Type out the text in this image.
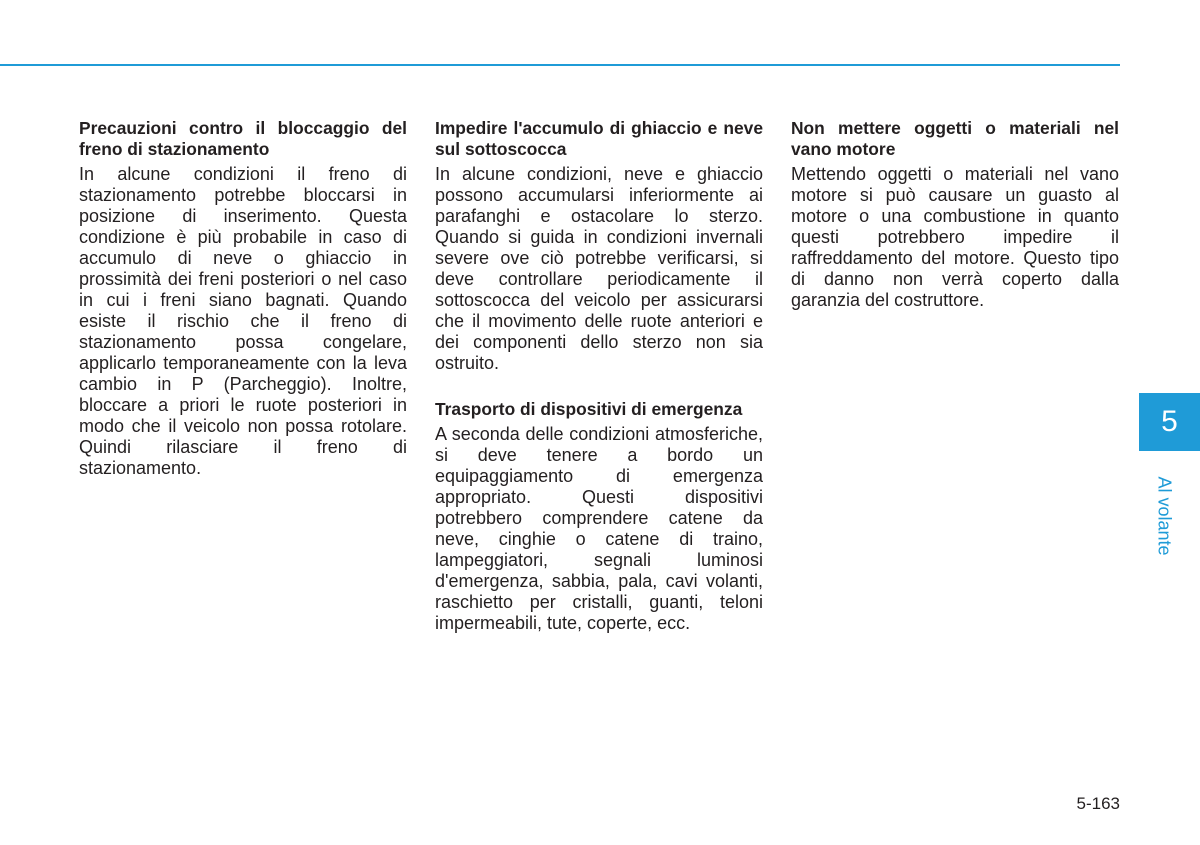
Precauzioni contro il bloccaggio del freno di stazionamento

In alcune condizioni il freno di stazionamento potrebbe bloccarsi in posizione di inserimento. Questa condizione è più probabile in caso di accumulo di neve o ghiaccio in prossimità dei freni posteriori o nel caso in cui i freni siano bagnati. Quando esiste il rischio che il freno di stazionamento possa congelare, applicarlo temporaneamente con la leva cambio in P (Parcheggio). Inoltre, bloccare a priori le ruote posteriori in modo che il veicolo non possa rotolare. Quindi rilasciare il freno di stazionamento.

Impedire l'accumulo di ghiaccio e neve sul sottoscocca

In alcune condizioni, neve e ghiaccio possono accumularsi inferiormente ai parafanghi e ostacolare lo sterzo. Quando si guida in condizioni invernali severe ove ciò potrebbe verificarsi, si deve controllare periodicamente il sottoscocca del veicolo per assicurarsi che il movimento delle ruote anteriori e dei componenti dello sterzo non sia ostruito.

Trasporto di dispositivi di emergenza

A seconda delle condizioni atmosferiche, si deve tenere a bordo un equipaggiamento di emergenza appropriato. Questi dispositivi potrebbero comprendere catene da neve, cinghie o catene di traino, lampeggiatori, segnali luminosi d'emergenza, sabbia, pala, cavi volanti, raschietto per cristalli, guanti, teloni impermeabili, tute, coperte, ecc.

Non mettere oggetti o materiali nel vano motore

Mettendo oggetti o materiali nel vano motore si può causare un guasto al motore o una combustione in quanto questi potrebbero impedire il raffreddamento del motore. Questo tipo di danno non verrà coperto dalla garanzia del costruttore.

5
Al volante
5-163
